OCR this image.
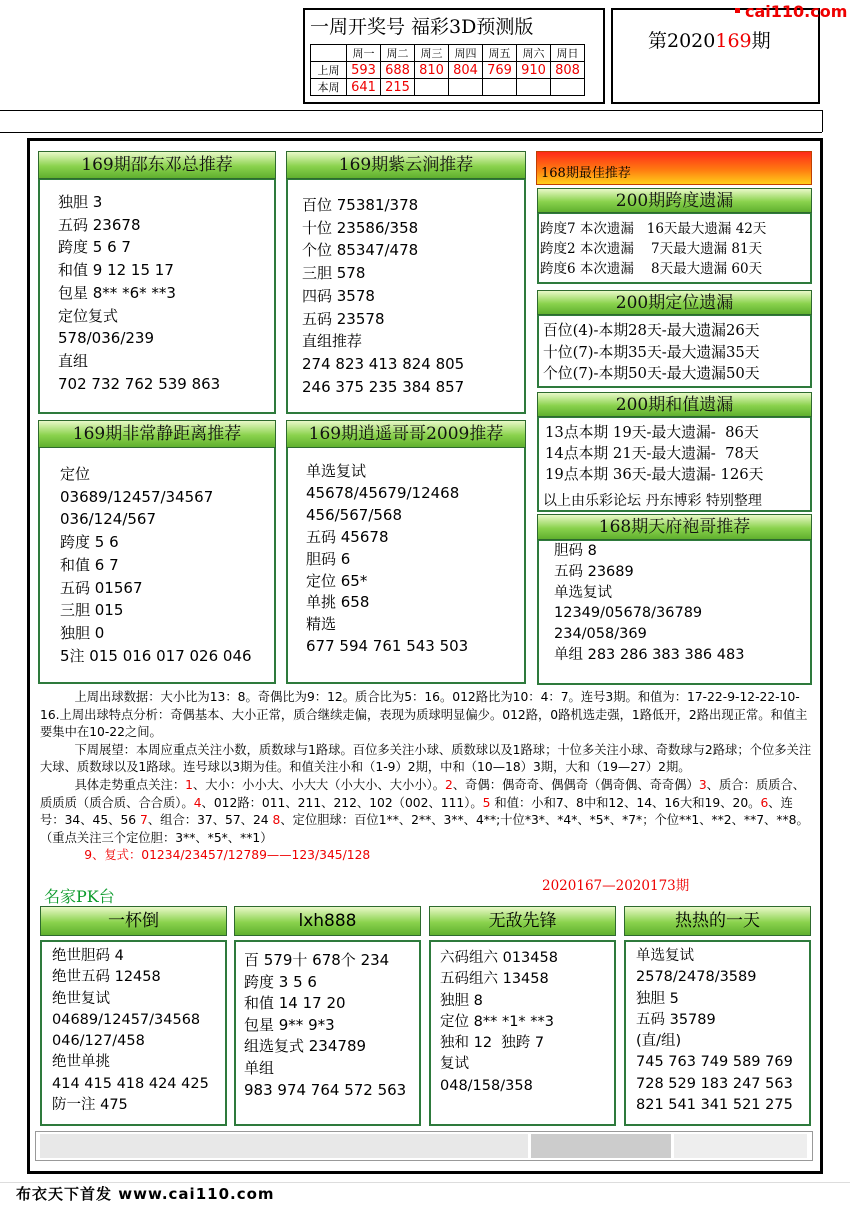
一周开奖号 福彩3D预测版
	周一	周二	周三	周四	周五	周六	周日
上周	593	688	810	804	769	910	808
本周	641	215					
第2020169期
cai110.com
169期邵东邓总推荐
独胆 3
五码 23678
跨度 5 6 7
和值 9 12 15 17
包星 8** *6* **3
定位复式
578/036/239
直组
702 732 762 539 863
169期紫云涧推荐
百位 75381/378
十位 23586/358
个位 85347/478
三胆 578
四码 3578
五码 23578
直组推荐
274 823 413 824 805
246 375 235 384 857
168期最佳推荐
200期跨度遗漏
跨度7 本次遗漏   16天最大遗漏 42天
跨度2 本次遗漏    7天最大遗漏 81天
跨度6 本次遗漏    8天最大遗漏 60天
200期定位遗漏
百位(4)-本期28天-最大遗漏26天
十位(7)-本期35天-最大遗漏35天
个位(7)-本期50天-最大遗漏50天
200期和值遗漏
13点本期 19天-最大遗漏-  86天
14点本期 21天-最大遗漏-  78天
19点本期 36天-最大遗漏- 126天
以上由乐彩论坛 丹东博彩 特别整理
168期天府袍哥推荐
胆码 8
五码 23689
单选复试
12349/05678/36789
234/058/369
单组 283 286 383 386 483
169期非常静距离推荐
定位
03689/12457/34567
036/124/567
跨度 5 6
和值 6 7
五码 01567
三胆 015
独胆 0
5注 015 016 017 026 046
169期逍遥哥哥2009推荐
单选复试
45678/45679/12468
456/567/568
五码 45678
胆码 6
定位 65*
单挑 658
精选
677 594 761 543 503

上周出球数据：大小比为13：8。奇偶比为9：12。质合比为5：16。012路比为10：4：7。连号3期。和值为：17-22-9-12-22-10-16.上周出球特点分析：奇偶基本、大小正常，质合继续走偏，表现为质球明显偏少。012路，0路机选走强，1路低开，2路出现正常。和值主要集中在10-22之间。

下周展望：本周应重点关注小数，质数球与1路球。百位多关注小球、质数球以及1路球；十位多关注小球、奇数球与2路球；个位多关注大球、质数球以及1路球。连号球以3期为佳。和值关注小和（1-9）2期，中和（10—18）3期，大和（19—27）2期。

具体走势重点关注：1、大小：小小大、小大大（小大小、大小小）。2、奇偶：偶奇奇、偶偶奇（偶奇偶、奇奇偶）3、质合：质质合、质质质（质合质、合合质）。4、012路：011、211、212、102（002、111）。5 和值：小和7、8中和12、14、16大和19、20。6、连号：34、45、56 7、组合：37、57、24 8、定位胆球：百位1**、2**、3**、4**;十位*3*、*4*、*5*、*7*；个位**1、**2、**7、**8。（重点关注三个定位胆：3**、*5*、**1）

9、复式：01234/23457/12789——123/345/128

名家PK台
2020167—2020173期
一杯倒
绝世胆码 4
绝世五码 12458
绝世复试
04689/12457/34568
046/127/458
绝世单挑
414 415 418 424 425
防一注 475
lxh888
百 579十 678个 234
跨度 3 5 6
和值 14 17 20
包星 9** 9*3
组选复式 234789
单组
983 974 764 572 563
无敌先锋
六码组六 013458
五码组六 13458
独胆 8
定位 8** *1* **3
独和 12  独跨 7
复试
048/158/358
热热的一天
单选复试
2578/2478/3589
独胆 5
五码 35789
(直/组)
745 763 749 589 769
728 529 183 247 563
821 541 341 521 275
布衣天下首发 www.cai110.com
